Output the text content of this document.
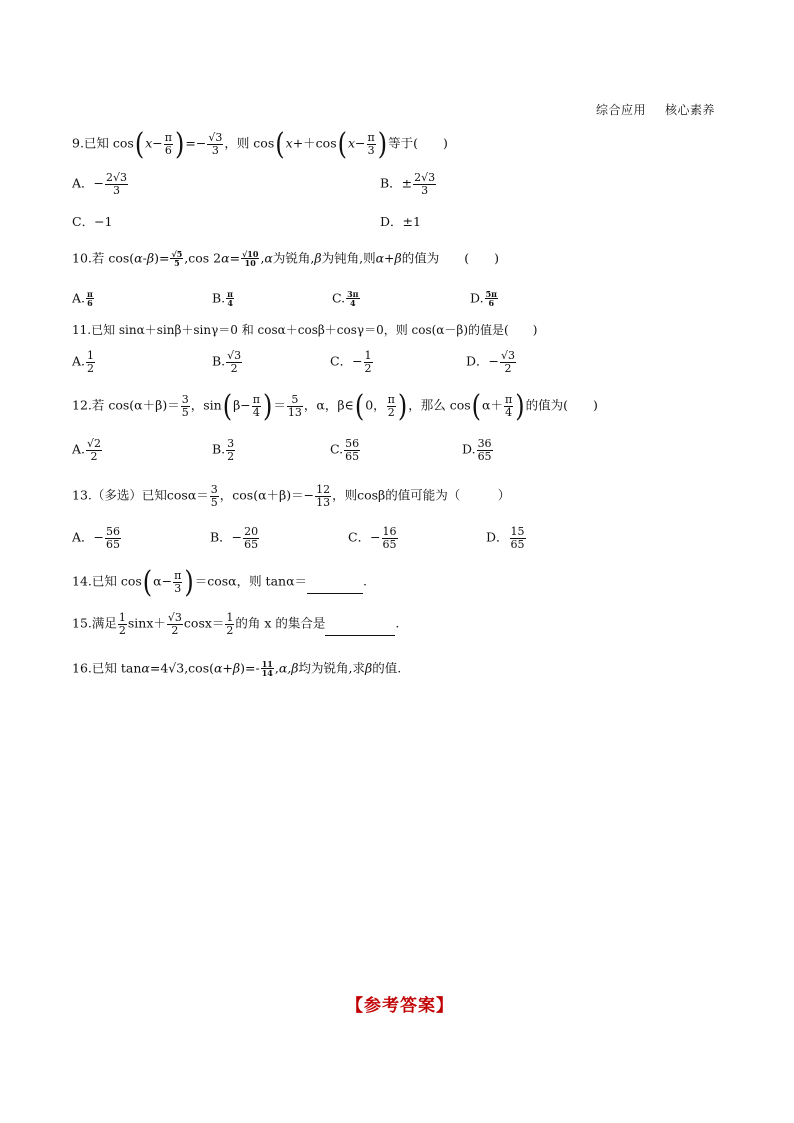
综合应用   核心素养
9.已知 $\cos(x- \frac{\pi}{6}$ )=− $\frac{√3}{3}$ ，则 $\cos(x++\cos(x- \frac{\pi}{3}$ )等于(　　)
A．− $\frac{2√3}{3}$	B．± $\frac{2√3}{3}$
C．−1	D．±1
10.若 $\cos(\alpha-\beta)= \frac{√5}{5} ,\cos$ $2\alpha= \frac{√10}{10} ,\alpha$为锐角,β为钝角,则α+β的值为　　(　　)
A. $\frac{\pi}{6}$	B. $\frac{\pi}{4}$	C. $\frac{3\pi}{4}$	D. $\frac{5\pi}{6}$
11.已知 sinα＋sinβ＋sinγ＝0 和 cosα＋cosβ＋cosγ＝0，则 cos(α－β)的值是(　　)
A. $\frac{1}{2}$	B. $\frac{√3}{2}$	C．− $\frac{1}{2}$	D．− $\frac{√3}{2}$
12.若 $\cos(\alpha+\beta)= \frac{3}{5}$ ，$\sin(\beta- \frac{\pi}{4}$ )＝ $\frac{5}{13}$ ，α，β∈(0， $\frac{\pi}{2}$ )，那么 $\cos(\alpha+ \frac{\pi}{4}$ )的值为(　　)
A. $\frac{√2}{2}$	B. $\frac{3}{2}$	C. $\frac{56}{65}$	D. $\frac{36}{65}$
13.（多选）已知$\cos\alpha= \frac{3}{5}$ ，$\cos(\alpha+\beta)=- \frac{12}{13}$ ，则cosβ的值可能为（　　　）
A．− $\frac{56}{65}$	B．− $\frac{20}{65}$	C．− $\frac{16}{65}$	D． $\frac{15}{65}$
14.已知 $\cos(\alpha- \frac{\pi}{3} )=\cos\alpha$，则 tanα＝	.
15.满足 $\frac{1}{2} \sin x+ \frac{√3}{2} \cos x= \frac{1}{2}$ 的角 x 的集合是	.
16.已知 $\tan\alpha=4√3,\cos(\alpha+\beta)=- \frac{11}{14} ,\alpha,\beta$均为锐角,求β的值.
【参考答案】
